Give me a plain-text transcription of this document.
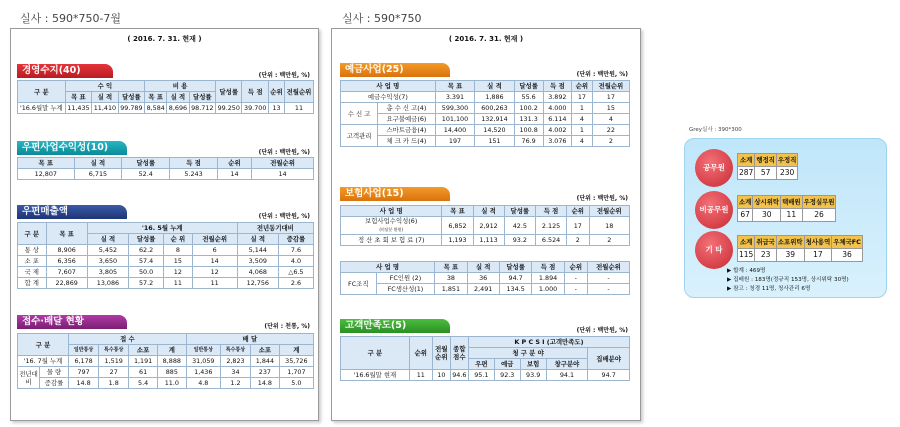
실사 : 590*750-7월	실사 : 590*750
Grey실사 : 390*300
( 2016. 7. 31. 현재 )
경영수지(40)	(단위 : 백만원, %)
구 분	수 익			비 용			달성률	득 점	순위	전월순위
	목 표	실 적	달성률	목 표	실 적	달성률				
'16.6월말 누계	11,435	11,410	99.789	8,584	8,696	98.712	99.250	39.700	13	11
우편사업수익성(10)	(단위 : 백만원, %)
목 표	실 적	달성률	득 점	순위	전월순위
12,807	6,715	52.4	5.243	14	14
우편매출액	(단위 : 백만원, %)
구 분	목 표	'16. 5월 누계				전년동기대비	
		실 적	달성률	순 위	전월순위	실 적	증감률
통 상	8,906	5,452	62.2	8	6	5,144	7.6
소 포	6,356	3,650	57.4	15	14	3,509	4.0
국 제	7,607	3,805	50.0	12	12	4,068	△6.5
합 계	22,869	13,086	57.2	11	11	12,756	2.6
접수·배달 현황	(단위 : 천통, %)
구 분		접 수				배 달			
		일반통상	특수통상	소포	계	일반통상	특수통상	소포	계
'16. 7월 누계		6,178	1,519	1,191	8,888	31,059	2,823	1,844	35,726
전년대비	물 량	797	27	61	885	1,436	34	237	1,707
	증감률	14.8	1.8	5.4	11.0	4.8	1.2	14.8	5.0
( 2016. 7. 31. 현재 )
예금사업(25)	(단위 : 백만원, %)
사 업 명		목 표	실 적	달성률	득 점	순위	전월순위
예금수익성(7)		3.391	1,886	55.6	3.892	17	17
수 신 고	총 수 신 고(4)	599,300	600,263	100.2	4.000	1	15
	요구불예금(6)	101,100	132,914	131.3	6.114	4	4
고객관리	스마트금융(4)	14,400	14,520	100.8	4.002	1	22
	체 크 카 드(4)	197	151	76.9	3.076	4	2
보험사업(15)	(단위 : 백만원, %)
사 업 명	목 표	실 적	달성률	득 점	순위	전월순위
보험사업수익성(6)
(미달분 환원)	6,852	2,912	42.5	2.125	17	18
정 산 초 회 보 험 료 (7)	1,193	1,113	93.2	6.524	2	2
사 업 명		목 표	실 적	달성률	득 점	순위	전월순위
FC조직	FC인원 (2)	38	36	94.7	1.894	-	-
	FC생산성(1)	1,851	2,491	134.5	1.000	-	-
고객만족도(5)	(단위 : 백만원, %)
구 분	순위	전월순위	종합점수	K P C S I (고객만족도)				
				청 구 분 야				집배분야
				우편	예금	보험	창구분야	
'16.6월말 현재	11	10	94.6	95.1	92.3	93.9	94.1	94.7
공무원
소계	행정직	우정직
287	57	230
비공무원
소계	상시위탁	택배원	우정실무원
67	30	11	26
기 타
소계	취급국	소포위탁	청사용역	우체국FC
115	23	39	17	36
▶ 합계 : 469명
▶ 집배원 : 183명(정규직 153명, 상시위탁 30명)
▶ 참고 : 청경 11명, 청사관리 6명
